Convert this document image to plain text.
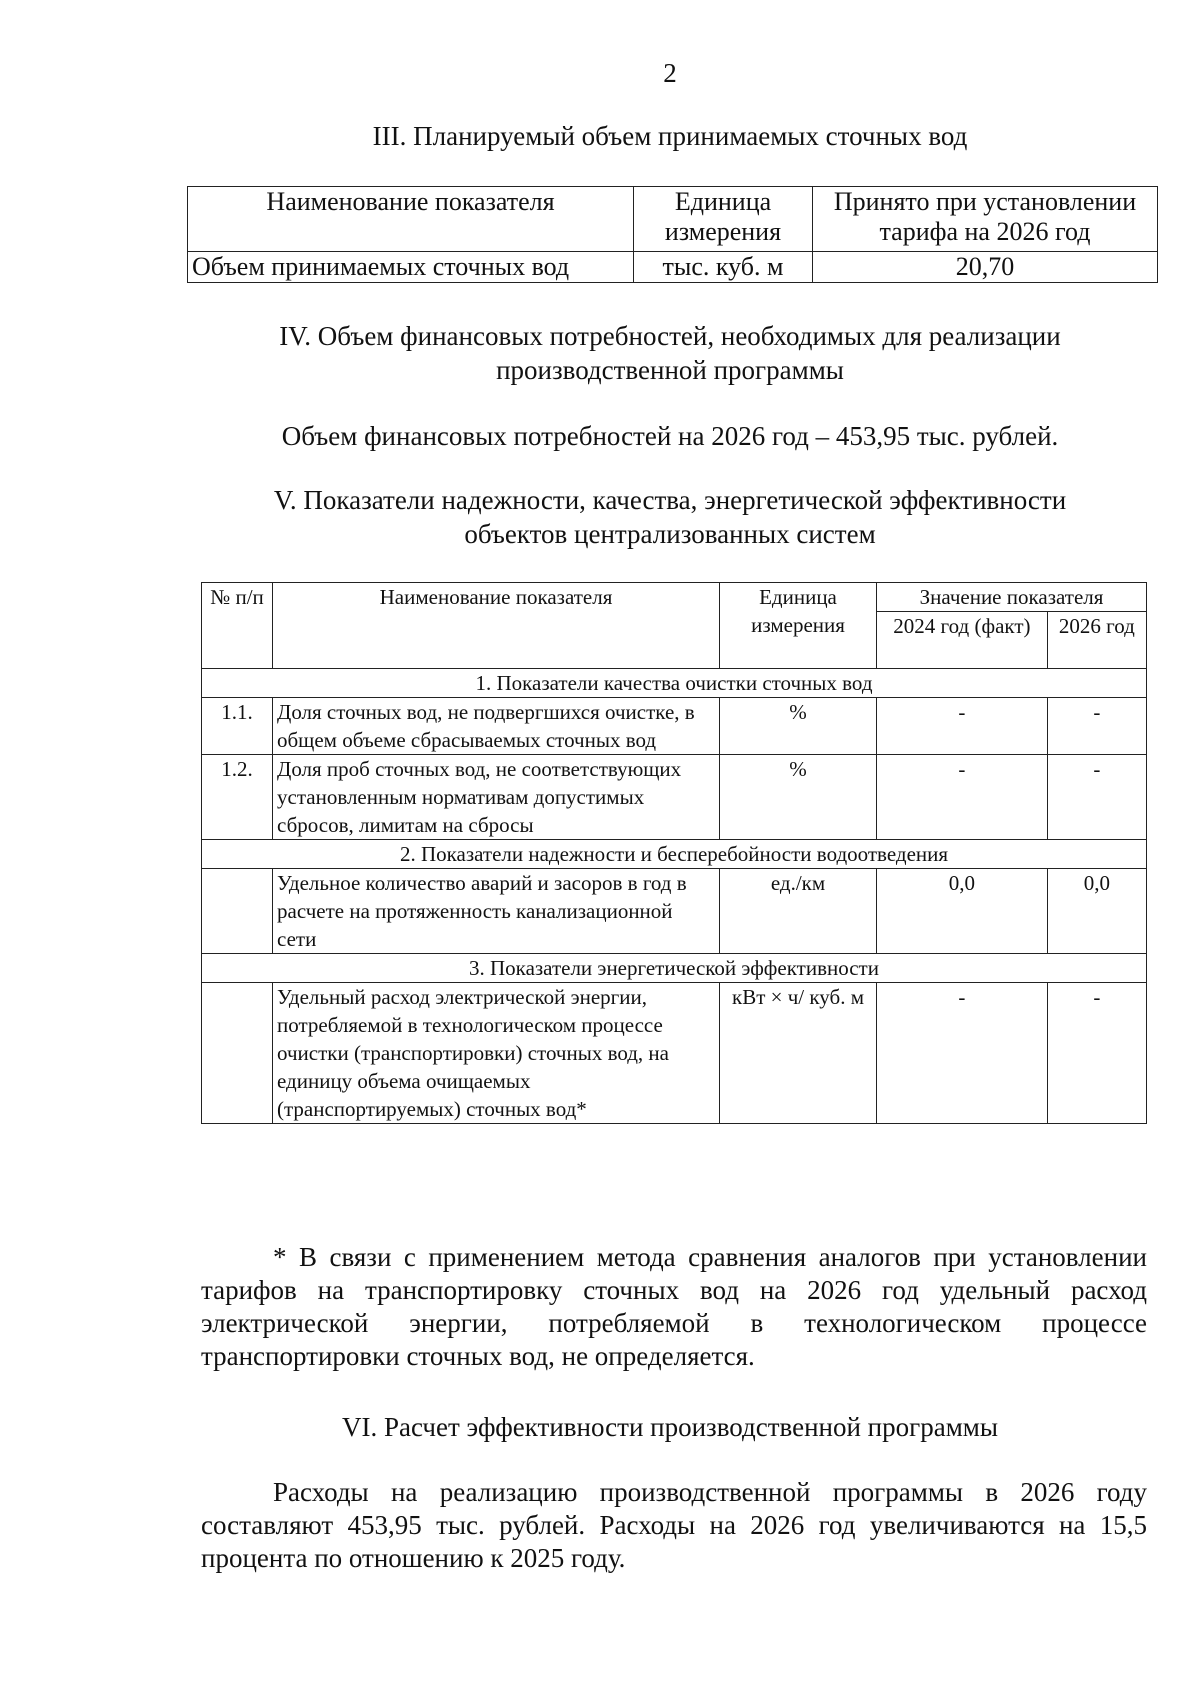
2
III. Планируемый объем принимаемых сточных вод
Наименование показателя	Единица измерения	Принято при установлении тарифа на 2026 год
Объем принимаемых сточных вод	тыс. куб. м	20,70
IV. Объем финансовых потребностей, необходимых для реализации
производственной программы
Объем финансовых потребностей на 2026 год – 453,95 тыс. рублей.
V. Показатели надежности, качества, энергетической эффективности
объектов централизованных систем
№ п/п	Наименование показателя	Единица измерения	Значение показателя	
			2024 год (факт)	2026 год
1. Показатели качества очистки сточных вод				
1.1.	Доля сточных вод, не подвергшихся очистке, в общем объеме сбрасываемых сточных вод	%	-	-
1.2.	Доля проб сточных вод, не соответствующих установленным нормативам допустимых сбросов, лимитам на сбросы	%	-	-
2. Показатели надежности и бесперебойности водоотведения				
	Удельное количество аварий и засоров в год в расчете на протяженность канализационной сети	ед./км	0,0	0,0
3. Показатели энергетической эффективности				
	Удельный расход электрической энергии, потребляемой в технологическом процессе очистки (транспортировки) сточных вод, на единицу объема очищаемых (транспортируемых) сточных вод*	кВт × ч/ куб. м	-	-
* В связи с применением метода сравнения аналогов при установлении тарифов на транспортировку сточных вод на 2026 год удельный расход электрической энергии, потребляемой в технологическом процессе транспортировки сточных вод, не определяется.
VI. Расчет эффективности производственной программы
Расходы на реализацию производственной программы в 2026 году составляют 453,95 тыс. рублей. Расходы на 2026 год увеличиваются на 15,5 процента по отношению к 2025 году.
